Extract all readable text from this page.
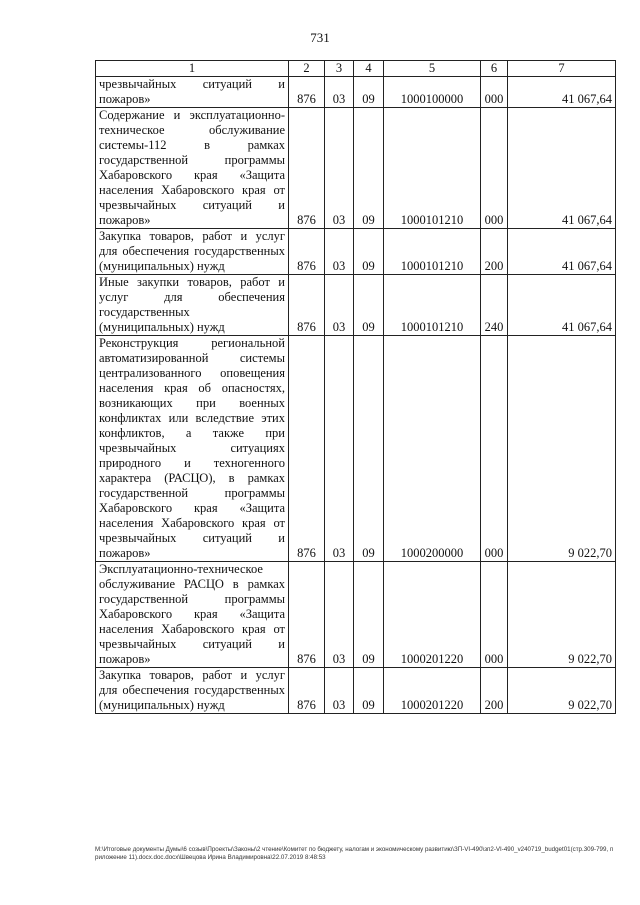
731
1	2	3	4	5	6	7
чрезвычайных ситуаций и пожаров»	876	03	09	1000100000	000	41 067,64
Содержание и эксплуатационно-техническое обслуживание системы-112 в рамках государственной программы Хабаровского края «Защита населения Хабаровского края от чрезвычайных ситуаций и пожаров»	876	03	09	1000101210	000	41 067,64
Закупка товаров, работ и услуг для обеспечения государственных (муниципальных) нужд	876	03	09	1000101210	200	41 067,64
Иные закупки товаров, работ и услуг для обеспечения государственных (муниципальных) нужд	876	03	09	1000101210	240	41 067,64
Реконструкция региональной автоматизированной системы централизованного оповещения населения края об опасностях, возникающих при военных конфликтах или вследствие этих конфликтов, а также при чрезвычайных ситуациях природного и техногенного характера (РАСЦО), в рамках государственной программы Хабаровского края «Защита населения Хабаровского края от чрезвычайных ситуаций и пожаров»	876	03	09	1000200000	000	9 022,70
Эксплуатационно-техническое обслуживание РАСЦО в рамках государственной программы Хабаровского края «Защита населения Хабаровского края от чрезвычайных ситуаций и пожаров»	876	03	09	1000201220	000	9 022,70
Закупка товаров, работ и услуг для обеспечения государственных (муниципальных) нужд	876	03	09	1000201220	200	9 022,70
M:\Итоговые документы Думы\6 созыв\Проекты\Законы\2 чтение\Комитет по бюджету, налогам и экономическому развитию\ЗП-VI-490\зп2-VI-490_v240719_budget01(стр.309-799, приложение 11).docx.doc.docx\Швецова Ирина Владимировна\22.07.2019 8:48:53
